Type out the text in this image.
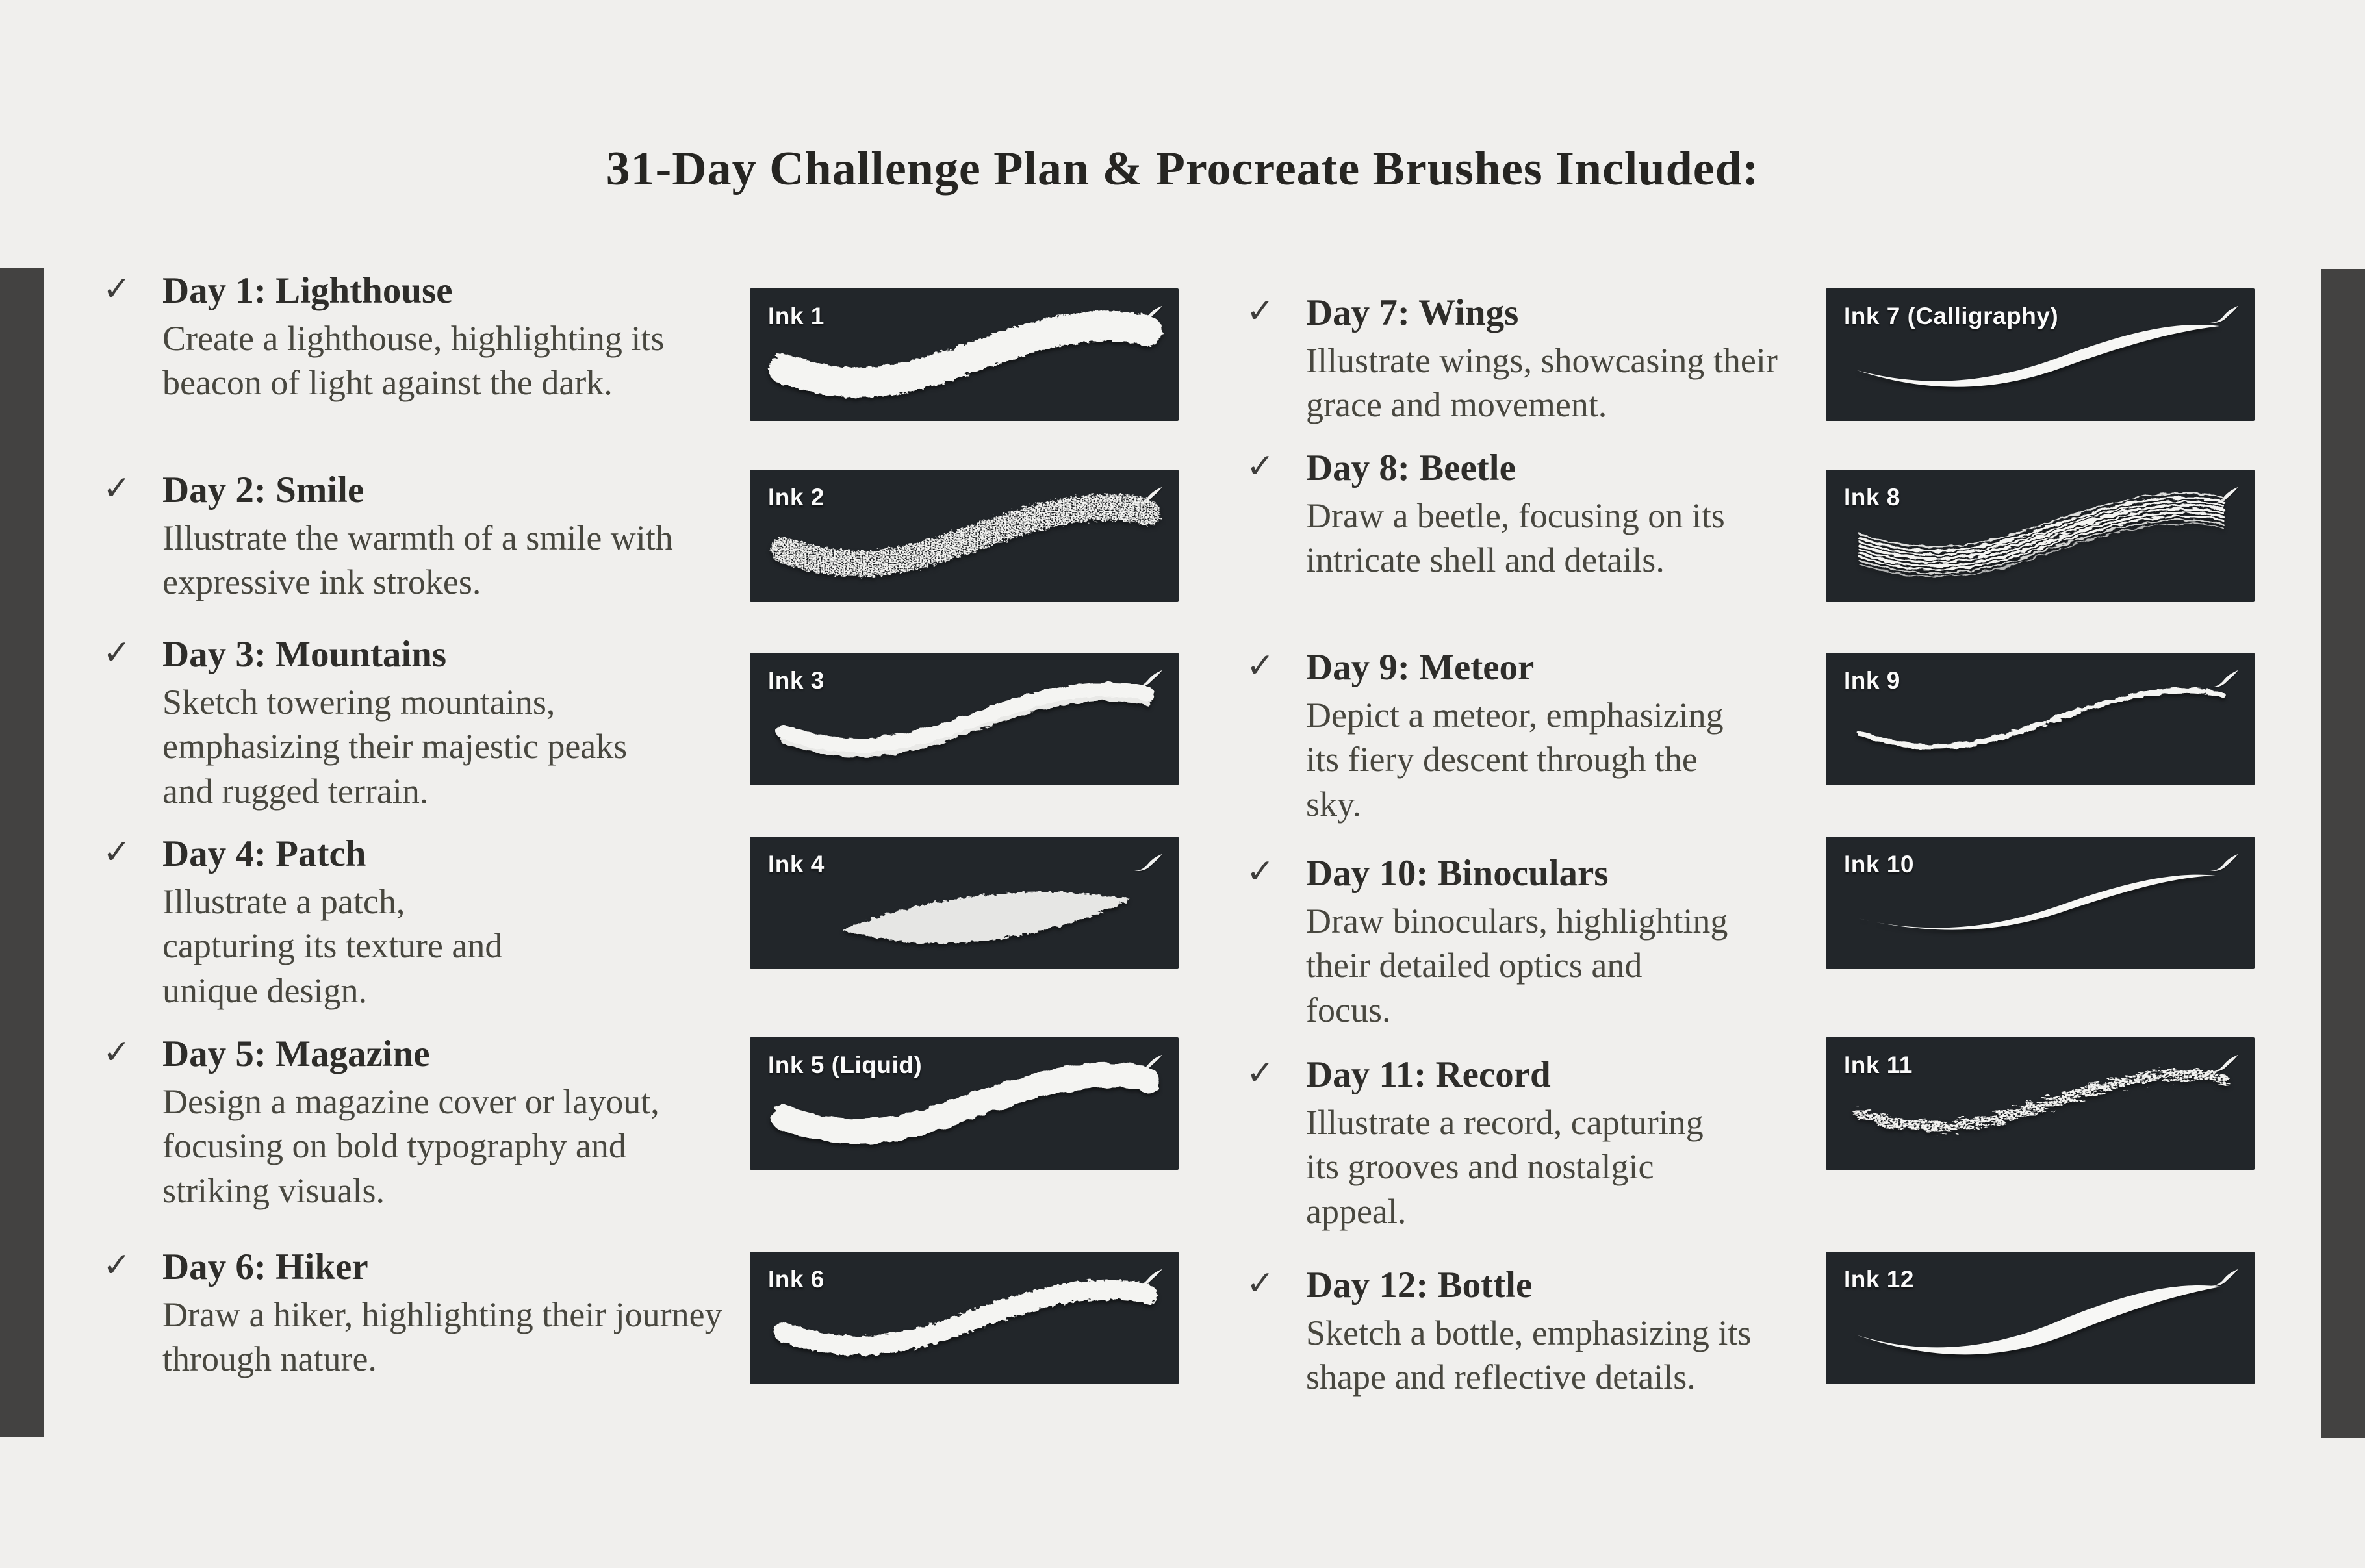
31-Day Challenge Plan & Procreate Brushes Included:
✓ Day 1: Lighthouse
Create a lighthouse, highlighting its beacon of light against the dark.
✓ Day 2: Smile
Illustrate the warmth of a smile with expressive ink strokes.
✓ Day 3: Mountains
Sketch towering mountains, emphasizing their majestic peaks and rugged terrain.
✓ Day 4: Patch
Illustrate a patch, capturing its texture and unique design.
✓ Day 5: Magazine
Design a magazine cover or layout, focusing on bold typography and striking visuals.
✓ Day 6: Hiker
Draw a hiker, highlighting their journey through nature.
✓ Day 7: Wings
Illustrate wings, showcasing their grace and movement.
✓ Day 8: Beetle
Draw a beetle, focusing on its intricate shell and details.
✓ Day 9: Meteor
Depict a meteor, emphasizing its fiery descent through the sky.
✓ Day 10: Binoculars
Draw binoculars, highlighting their detailed optics and focus.
✓ Day 11: Record
Illustrate a record, capturing its grooves and nostalgic appeal.
✓ Day 12: Bottle
Sketch a bottle, emphasizing its shape and reflective details.
Ink 1
Ink 2
Ink 3
Ink 4
Ink 5 (Liquid)
Ink 6
Ink 7 (Calligraphy)
Ink 8
Ink 9
Ink 10
Ink 11
Ink 12
